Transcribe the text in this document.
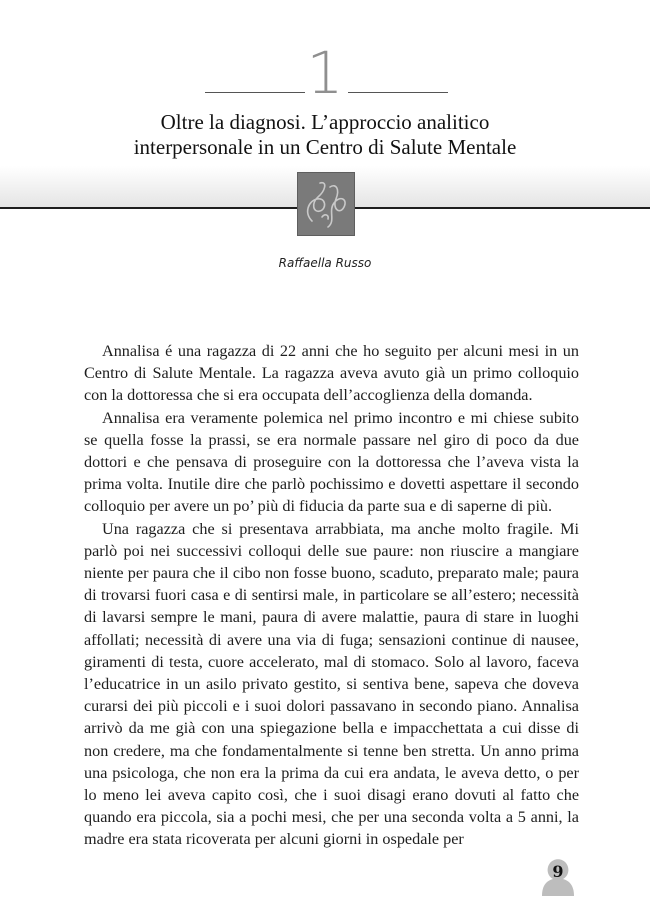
1
Oltre la diagnosi. L’approccio analitico
interpersonale in un Centro di Salute Mentale
Raffaella Russo

Annalisa é una ragazza di 22 anni che ho seguito per alcuni mesi in un Centro di Salute Mentale. La ragazza aveva avuto già un primo colloquio con la dottoressa che si era occupata dell’accoglienza della domanda.

Annalisa era veramente polemica nel primo incontro e mi chiese subito se quella fosse la prassi, se era normale passare nel giro di poco da due dottori e che pensava di proseguire con la dottoressa che l’aveva vista la prima volta. Inutile dire che parlò pochissimo e dovetti aspettare il secondo colloquio per avere un po’ più di fiducia da parte sua e di saperne di più.

Una ragazza che si presentava arrabbiata, ma anche molto fragile. Mi parlò poi nei successivi colloqui delle sue paure: non riuscire a mangiare niente per paura che il cibo non fosse buono, scaduto, preparato male; paura di trovarsi fuori casa e di sentirsi male, in particolare se all’estero; necessità di lavarsi sempre le mani, paura di avere malattie, paura di stare in luoghi affollati; necessità di avere una via di fuga; sensazioni continue di nausee, giramenti di testa, cuore accelerato, mal di stomaco. Solo al lavoro, faceva l’educatrice in un asilo privato gestito, si sentiva bene, sapeva che doveva curarsi dei più piccoli e i suoi dolori passavano in secondo piano. Annalisa arrivò da me già con una spiegazione bella e impacchettata a cui disse di non credere, ma che fondamentalmente si tenne ben stretta. Un anno prima una psicologa, che non era la prima da cui era andata, le aveva detto, o per lo meno lei aveva capito così, che i suoi disagi erano dovuti al fatto che quando era piccola, sia a pochi mesi, che per una seconda volta a 5 anni, la madre era stata ricoverata per alcuni giorni in ospedale per

9
